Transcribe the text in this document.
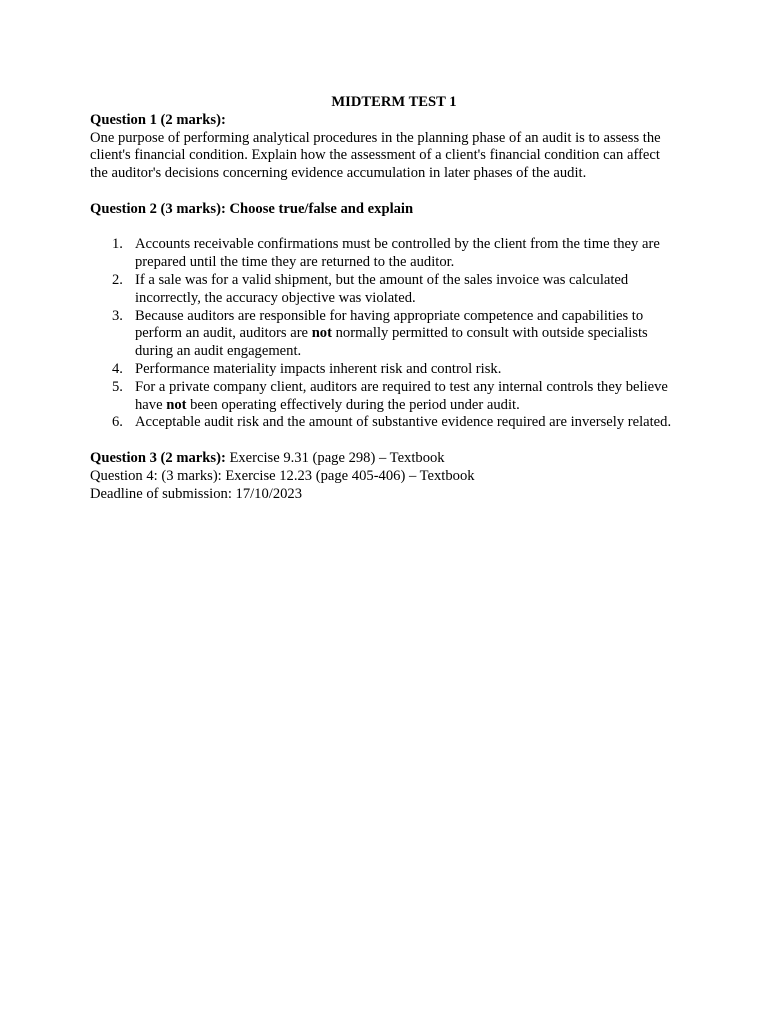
MIDTERM TEST 1

Question 1 (2 marks):

One purpose of performing analytical procedures in the planning phase of an audit is to assess the client's financial condition. Explain how the assessment of a client's financial condition can affect the auditor's decisions concerning evidence accumulation in later phases of the audit.

Question 2 (3 marks): Choose true/false and explain

1. Accounts receivable confirmations must be controlled by the client from the time they are prepared until the time they are returned to the auditor.
2. If a sale was for a valid shipment, but the amount of the sales invoice was calculated incorrectly, the accuracy objective was violated.
3. Because auditors are responsible for having appropriate competence and capabilities to perform an audit, auditors are not normally permitted to consult with outside specialists during an audit engagement.
4. Performance materiality impacts inherent risk and control risk.
5. For a private company client, auditors are required to test any internal controls they believe have not been operating effectively during the period under audit.
6. Acceptable audit risk and the amount of substantive evidence required are inversely related.

Question 3 (2 marks): Exercise 9.31 (page 298) – Textbook

Question 4: (3 marks): Exercise 12.23 (page 405-406) – Textbook

Deadline of submission: 17/10/2023
